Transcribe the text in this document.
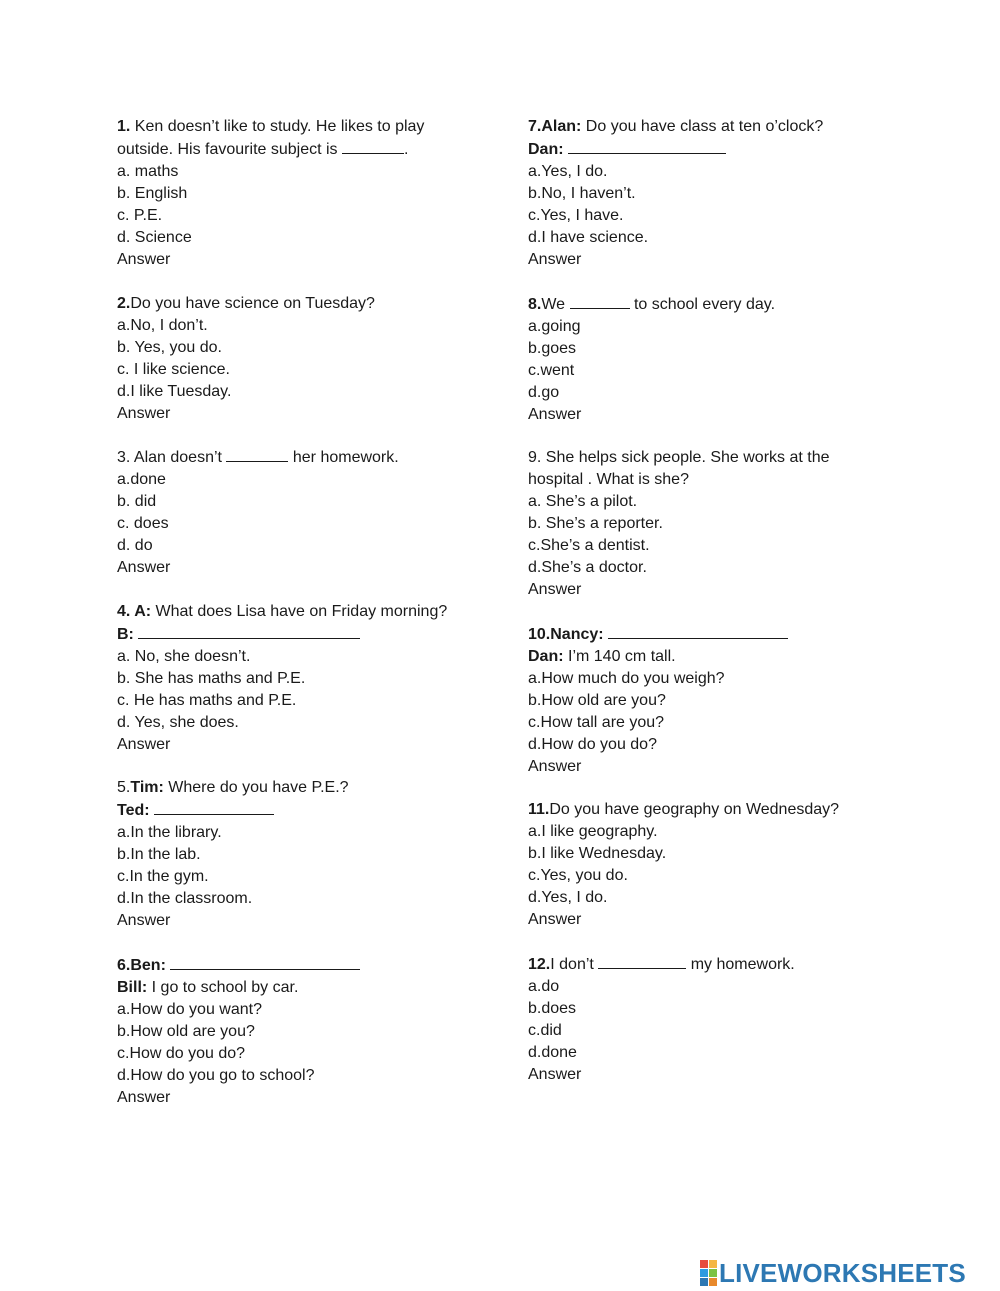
1. Ken doesn’t like to study. He likes to play
outside. His favourite subject is	.
a. maths
b. English
c. P.E.
d. Science
Answer
2.Do you have science on Tuesday?
a.No, I don’t.
b. Yes, you do.
c. I like science.
d.I like Tuesday.
Answer
3. Alan doesn’t	her homework.
a.done
b. did
c. does
d. do
Answer
4. A: What does Lisa have on Friday morning?
B:
a. No, she doesn’t.
b. She has maths and P.E.
c. He has maths and P.E.
d. Yes, she does.
Answer
5.Tim: Where do you have P.E.?
Ted:
a.In the library.
b.In the lab.
c.In the gym.
d.In the classroom.
Answer
6.Ben:
Bill: I go to school by car.
a.How do you want?
b.How old are you?
c.How do you do?
d.How do you go to school?
Answer
7.Alan: Do you have class at ten o’clock?
Dan:
a.Yes, I do.
b.No, I haven’t.
c.Yes, I have.
d.I have science.
Answer
8.We	to school every day.
a.going
b.goes
c.went
d.go
Answer
9. She helps sick people. She works at the
hospital . What is she?
a. She’s a pilot.
b. She’s a reporter.
c.She’s a dentist.
d.She’s a doctor.
Answer
10.Nancy:
Dan: I’m 140 cm tall.
a.How much do you weigh?
b.How old are you?
c.How tall are you?
d.How do you do?
Answer
11.Do you have geography on Wednesday?
a.I like geography.
b.I like Wednesday.
c.Yes, you do.
d.Yes, I do.
Answer
12.I don’t	my homework.
a.do
b.does
c.did
d.done
Answer
LIVEWORKSHEETS
